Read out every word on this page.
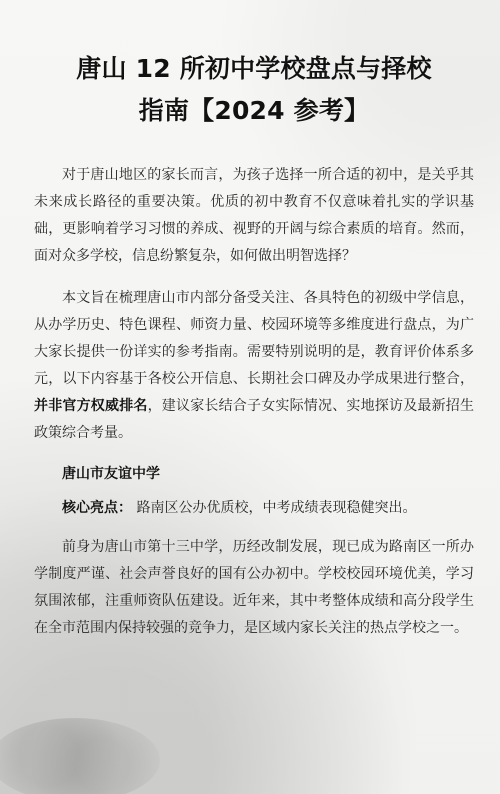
唐山 12 所初中学校盘点与择校
指南【2024 参考】

对于唐山地区的家长而言，为孩子选择一所合适的初中，是关乎其未来成长路径的重要决策。优质的初中教育不仅意味着扎实的学识基础，更影响着学习习惯的养成、视野的开阔与综合素质的培育。然而，面对众多学校，信息纷繁复杂，如何做出明智选择？

本文旨在梳理唐山市内部分备受关注、各具特色的初级中学信息，从办学历史、特色课程、师资力量、校园环境等多维度进行盘点，为广大家长提供一份详实的参考指南。需要特别说明的是，教育评价体系多元，以下内容基于各校公开信息、长期社会口碑及办学成果进行整合，并非官方权威排名，建议家长结合子女实际情况、实地探访及最新招生政策综合考量。

唐山市友谊中学
核心亮点： 路南区公办优质校，中考成绩表现稳健突出。

前身为唐山市第十三中学，历经改制发展，现已成为路南区一所办学制度严谨、社会声誉良好的国有公办初中。学校校园环境优美，学习氛围浓郁，注重师资队伍建设。近年来，其中考整体成绩和高分段学生在全市范围内保持较强的竞争力，是区域内家长关注的热点学校之一。
